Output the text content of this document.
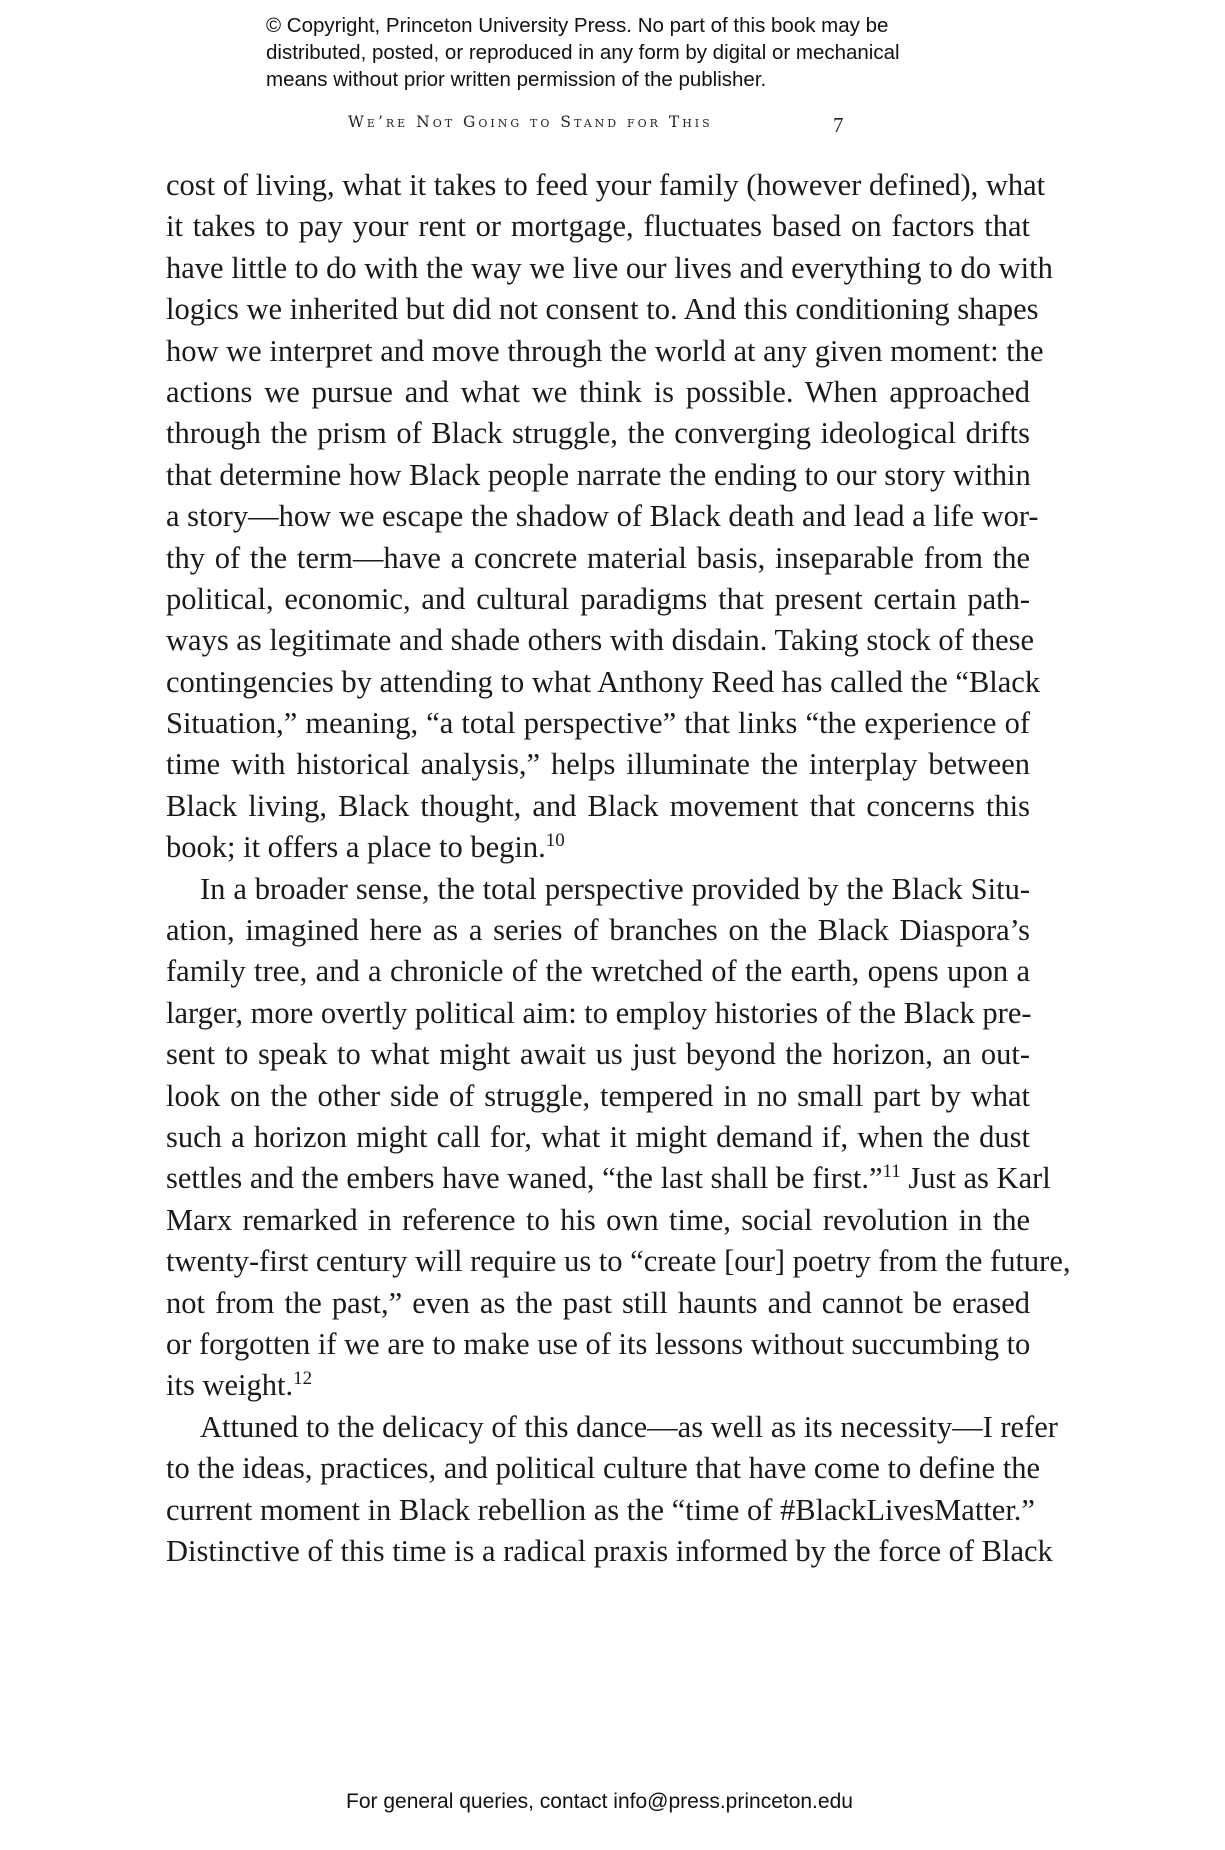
© Copyright, Princeton University Press. No part of this book may be
distributed, posted, or reproduced in any form by digital or mechanical
means without prior written permission of the publisher.
We’re Not Going to Stand for This	7
cost of living, what it takes to feed your family (however defined), what
it takes to pay your rent or mortgage, fluctuates based on factors that
have little to do with the way we live our lives and everything to do with
logics we inherited but did not consent to. And this conditioning shapes
how we interpret and move through the world at any given moment: the
actions we pursue and what we think is possible. When approached
through the prism of Black struggle, the converging ideological drifts
that determine how Black people narrate the ending to our story within
a story—how we escape the shadow of Black death and lead a life wor-
thy of the term—have a concrete material basis, inseparable from the
political, economic, and cultural paradigms that present certain path-
ways as legitimate and shade others with disdain. Taking stock of these
contingencies by attending to what Anthony Reed has called the “Black
Situation,” meaning, “a total perspective” that links “the experience of
time with historical analysis,” helps illuminate the interplay between
Black living, Black thought, and Black movement that concerns this
book; it offers a place to begin.$^{10}$
In a broader sense, the total perspective provided by the Black Situ-
ation, imagined here as a series of branches on the Black Diaspora’s
family tree, and a chronicle of the wretched of the earth, opens upon a
larger, more overtly political aim: to employ histories of the Black pre-
sent to speak to what might await us just beyond the horizon, an out-
look on the other side of struggle, tempered in no small part by what
such a horizon might call for, what it might demand if, when the dust
settles and the embers have waned, “the last shall be first.”$^{11}$ Just as Karl
Marx remarked in reference to his own time, social revolution in the
twenty-first century will require us to “create [our] poetry from the future,
not from the past,” even as the past still haunts and cannot be erased
or forgotten if we are to make use of its lessons without succumbing to
its weight.$^{12}$
Attuned to the delicacy of this dance—as well as its necessity—I refer
to the ideas, practices, and political culture that have come to define the
current moment in Black rebellion as the “time of #BlackLivesMatter.”
Distinctive of this time is a radical praxis informed by the force of Black
For general queries, contact info@press.princeton.edu
